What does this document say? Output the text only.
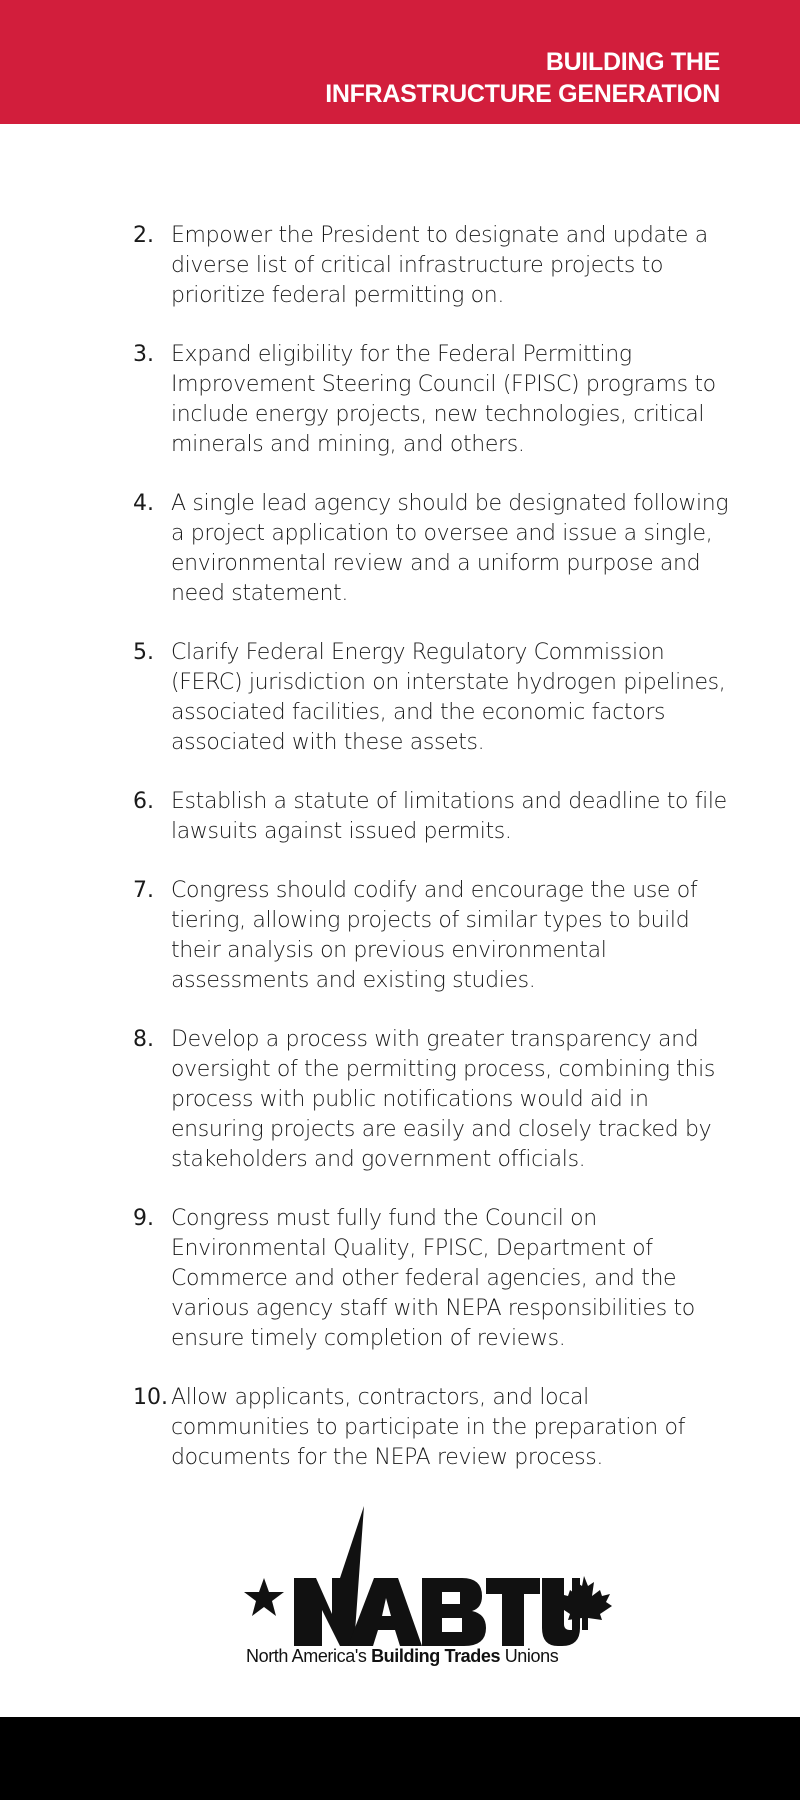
BUILDING THE
INFRASTRUCTURE GENERATION
2. Empower the President to designate and update a diverse list of critical infrastructure projects to prioritize federal permitting on.
3. Expand eligibility for the Federal Permitting Improvement Steering Council (FPISC) programs to include energy projects, new technologies, critical minerals and mining, and others.
4. A single lead agency should be designated following a project application to oversee and issue a single, environmental review and a uniform purpose and need statement.
5. Clarify Federal Energy Regulatory Commission (FERC) jurisdiction on interstate hydrogen pipelines, associated facilities, and the economic factors associated with these assets.
6. Establish a statute of limitations and deadline to file lawsuits against issued permits.
7. Congress should codify and encourage the use of tiering, allowing projects of similar types to build their analysis on previous environmental assessments and existing studies.
8. Develop a process with greater transparency and oversight of the permitting process, combining this process with public notifications would aid in ensuring projects are easily and closely tracked by stakeholders and government officials.
9. Congress must fully fund the Council on Environmental Quality, FPISC, Department of Commerce and other federal agencies, and the various agency staff with NEPA responsibilities to ensure timely completion of reviews.
10. Allow applicants, contractors, and local communities to participate in the preparation of documents for the NEPA review process.
North America's Building Trades Unions
